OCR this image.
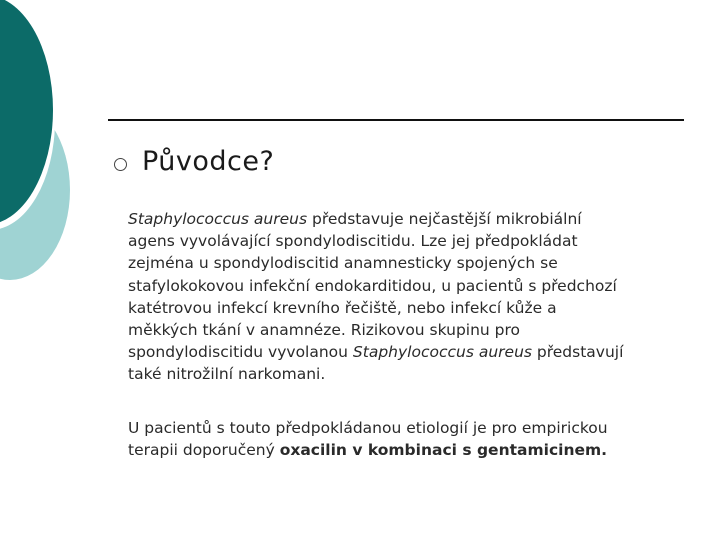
Původce?
Staphylococcus aureus představuje nejčastější mikrobiální agens vyvolávající spondylodiscitidu. Lze jej předpokládat zejména u spondylodiscitid anamnesticky spojených se stafylokokovou infekční endokarditidou, u pacientů s předchozí katétrovou infekcí krevního řečiště, nebo infekcí kůže a měkkých tkání v anamnéze. Rizikovou skupinu pro spondylodiscitidu vyvolanou Staphylococcus aureus představují také nitrožilní narkomani.
U pacientů s touto předpokládanou etiologií je pro empirickou terapii doporučený oxacilin v kombinaci s gentamicinem.
